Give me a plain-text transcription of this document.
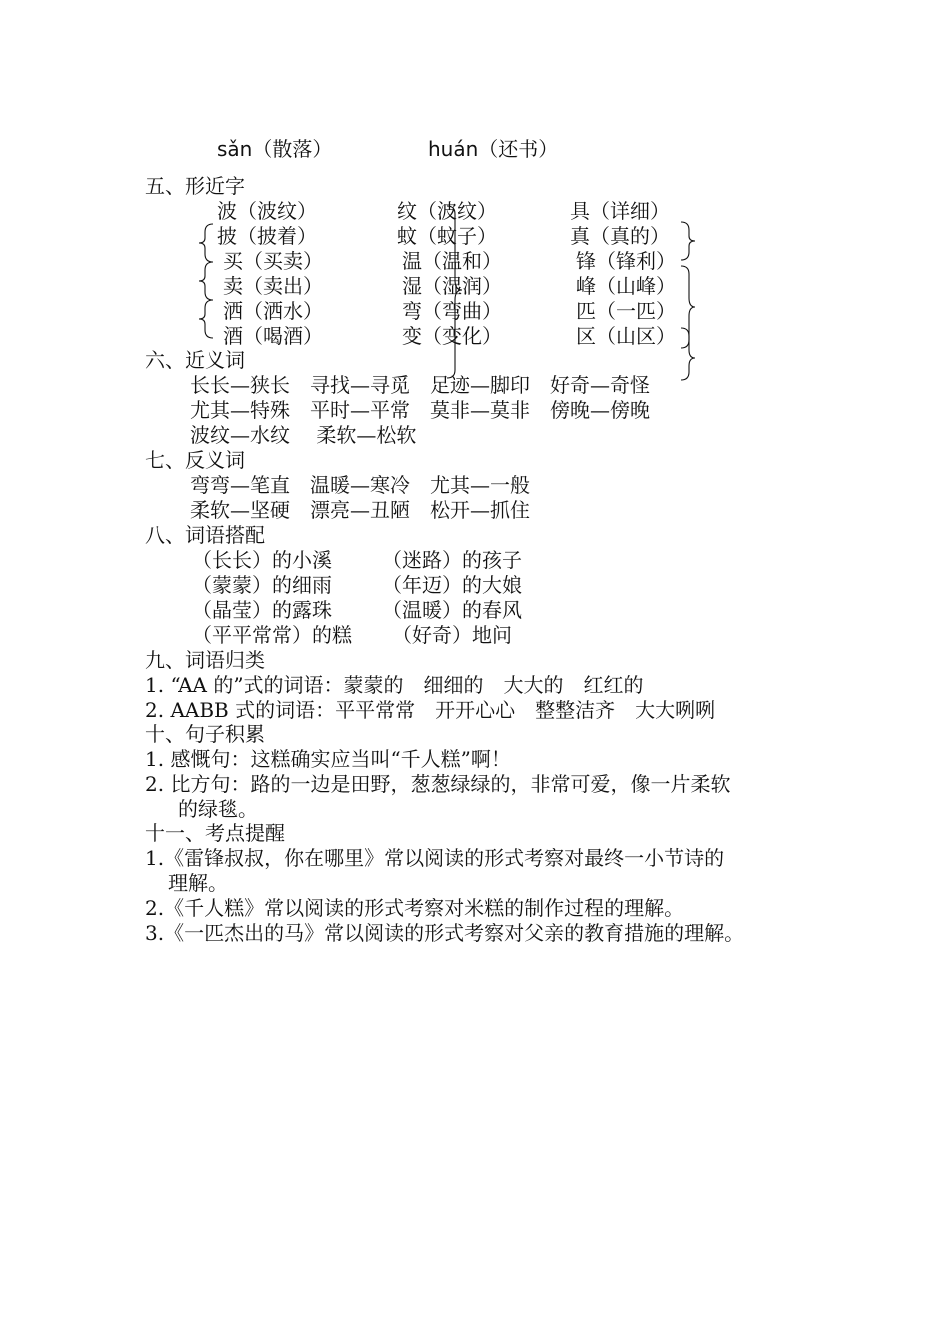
sǎn（散落）	huán（还书）
五、形近字
波（波纹）	纹（波纹）	具（详细）
披（披着）	蚊（蚊子）	真（真的）
买（买卖）	温（温和）	锋（锋利）
卖（卖出）	湿（湿润）	峰（山峰）
洒（洒水）	弯（弯曲）	匹（一匹）
酒（喝酒）	变（变化）	区（山区）
六、近义词
长长—狭长　寻找—寻觅　足迹—脚印　好奇—奇怪
尤其—特殊　平时—平常　莫非—莫非　傍晚—傍晚
波纹—水纹　 柔软—松软
七、反义词
弯弯—笔直　温暖—寒冷　尤其—一般
柔软—坚硬　漂亮—丑陋　松开—抓住
八、词语搭配
（长长）的小溪	（迷路）的孩子
（蒙蒙）的细雨	（年迈）的大娘
（晶莹）的露珠	（温暖）的春风
（平平常常）的糕 （好奇）地问
九、词语归类
1. “AA 的”式的词语：蒙蒙的　细细的　大大的　红红的
2. AABB 式的词语：平平常常　开开心心　整整洁齐　大大咧咧
十、句子积累
1. 感慨句：这糕确实应当叫“千人糕”啊！
2. 比方句：路的一边是田野，葱葱绿绿的，非常可爱，像一片柔软
的绿毯。
十一、考点提醒
1.《雷锋叔叔，你在哪里》常以阅读的形式考察对最终一小节诗的
理解。
2.《千人糕》常以阅读的形式考察对米糕的制作过程的理解。
3.《一匹杰出的马》常以阅读的形式考察对父亲的教育措施的理解。
